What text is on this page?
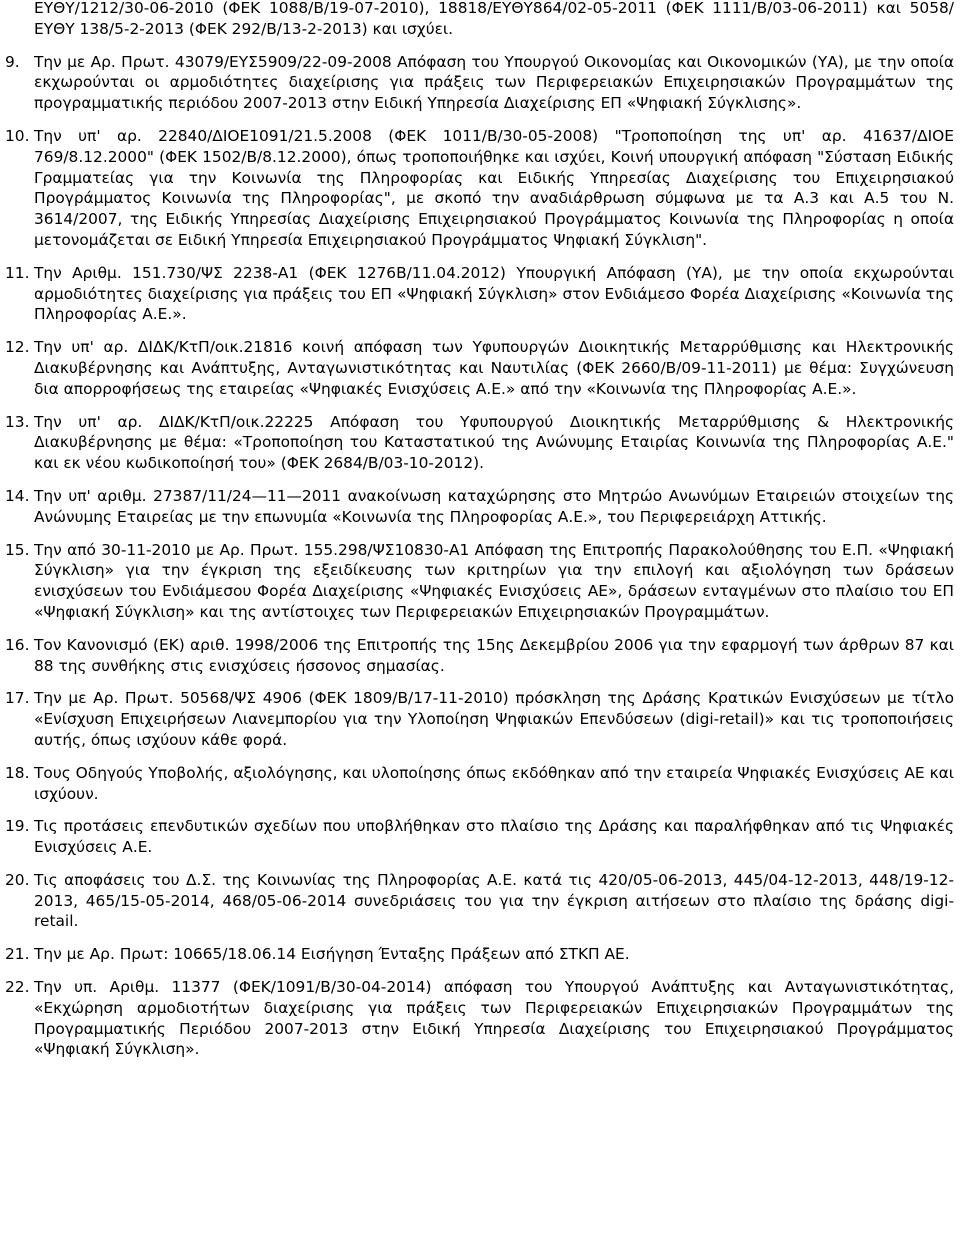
ΕΥΘΥ/1212/30-06-2010 (ΦΕΚ 1088/Β/19-07-2010), 18818/ΕΥΘΥ864/02-05-2011 (ΦΕΚ 1111/Β/03-06-2011) και 5058/ΕΥΘΥ 138/5-2-2013 (ΦΕΚ 292/Β/13-2-2013) και ισχύει.
9. Την με Αρ. Πρωτ. 43079/ΕΥΣ5909/22-09-2008 Απόφαση του Υπουργού Οικονομίας και Οικονομικών (ΥΑ), με την οποία εκχωρούνται οι αρμοδιότητες διαχείρισης για πράξεις των Περιφερειακών Επιχειρησιακών Προγραμμάτων της προγραμματικής περιόδου 2007-2013 στην Ειδική Υπηρεσία Διαχείρισης ΕΠ «Ψηφιακή Σύγκλισης».
10. Την υπ' αρ. 22840/ΔΙΟΕ1091/21.5.2008 (ΦΕΚ 1011/Β/30-05-2008) "Τροποποίηση της υπ' αρ. 41637/ΔΙΟΕ 769/8.12.2000" (ΦΕΚ 1502/Β/8.12.2000), όπως τροποποιήθηκε και ισχύει, Κοινή υπουργική απόφαση "Σύσταση Ειδικής Γραμματείας για την Κοινωνία της Πληροφορίας και Ειδικής Υπηρεσίας Διαχείρισης του Επιχειρησιακού Προγράμματος Κοινωνία της Πληροφορίας", με σκοπό την αναδιάρθρωση σύμφωνα με τα Α.3 και Α.5 του Ν. 3614/2007, της Ειδικής Υπηρεσίας Διαχείρισης Επιχειρησιακού Προγράμματος Κοινωνία της Πληροφορίας η οποία μετονομάζεται σε Ειδική Υπηρεσία Επιχειρησιακού Προγράμματος Ψηφιακή Σύγκλιση".
11. Την Αριθμ. 151.730/ΨΣ 2238-Α1 (ΦΕΚ 1276Β/11.04.2012) Υπουργική Απόφαση (ΥΑ), με την οποία εκχωρούνται αρμοδιότητες διαχείρισης για πράξεις του ΕΠ «Ψηφιακή Σύγκλιση» στον Ενδιάμεσο Φορέα Διαχείρισης «Κοινωνία της Πληροφορίας Α.Ε.».
12. Την υπ' αρ. ΔΙΔΚ/ΚτΠ/οικ.21816 κοινή απόφαση των Υφυπουργών Διοικητικής Μεταρρύθμισης και Ηλεκτρονικής Διακυβέρνησης και Ανάπτυξης, Ανταγωνιστικότητας και Ναυτιλίας (ΦΕΚ 2660/Β/09-11-2011) με θέμα: Συγχώνευση δια απορροφήσεως της εταιρείας «Ψηφιακές Ενισχύσεις Α.Ε.» από την «Κοινωνία της Πληροφορίας Α.Ε.».
13. Την υπ' αρ. ΔΙΔΚ/ΚτΠ/οικ.22225 Απόφαση του Υφυπουργού Διοικητικής Μεταρρύθμισης & Ηλεκτρονικής Διακυβέρνησης με θέμα: «Τροποποίηση του Καταστατικού της Ανώνυμης Εταιρίας Κοινωνία της Πληροφορίας Α.Ε." και εκ νέου κωδικοποίησή του» (ΦΕΚ 2684/Β/03-10-2012).
14. Την υπ' αριθμ. 27387/11/24—11—2011 ανακοίνωση καταχώρησης στο Μητρώο Ανωνύμων Εταιρειών στοιχείων της Ανώνυμης Εταιρείας με την επωνυμία «Κοινωνία της Πληροφορίας Α.Ε.», του Περιφερειάρχη Αττικής.
15. Την από 30-11-2010 με Αρ. Πρωτ. 155.298/ΨΣ10830-Α1 Απόφαση της Επιτροπής Παρακολούθησης του Ε.Π. «Ψηφιακή Σύγκλιση» για την έγκριση της εξειδίκευσης των κριτηρίων για την επιλογή και αξιολόγηση των δράσεων ενισχύσεων του Ενδιάμεσου Φορέα Διαχείρισης «Ψηφιακές Ενισχύσεις ΑΕ», δράσεων ενταγμένων στο πλαίσιο του ΕΠ «Ψηφιακή Σύγκλιση» και της αντίστοιχες των Περιφερειακών Επιχειρησιακών Προγραμμάτων.
16. Τον Κανονισμό (ΕΚ) αριθ. 1998/2006 της Επιτροπής της 15ης Δεκεμβρίου 2006 για την εφαρμογή των άρθρων 87 και 88 της συνθήκης στις ενισχύσεις ήσσονος σημασίας.
17. Την με Αρ. Πρωτ. 50568/ΨΣ 4906 (ΦΕΚ 1809/Β/17-11-2010) πρόσκληση της Δράσης Κρατικών Ενισχύσεων με τίτλο «Ενίσχυση Επιχειρήσεων Λιανεμπορίου για την Υλοποίηση Ψηφιακών Επενδύσεων (digi-retail)» και τις τροποποιήσεις αυτής, όπως ισχύουν κάθε φορά.
18. Τους Οδηγούς Υποβολής, αξιολόγησης, και υλοποίησης όπως εκδόθηκαν από την εταιρεία Ψηφιακές Ενισχύσεις ΑΕ και ισχύουν.
19. Τις προτάσεις επενδυτικών σχεδίων που υποβλήθηκαν στο πλαίσιο της Δράσης και παραλήφθηκαν από τις Ψηφιακές Ενισχύσεις Α.Ε.
20. Τις αποφάσεις του Δ.Σ. της Κοινωνίας της Πληροφορίας Α.Ε. κατά τις 420/05-06-2013, 445/04-12-2013, 448/19-12-2013, 465/15-05-2014, 468/05-06-2014 συνεδριάσεις του για την έγκριση αιτήσεων στο πλαίσιο της δράσης digi-retail.
21. Την με Αρ. Πρωτ: 10665/18.06.14 Εισήγηση Ένταξης Πράξεων από ΣΤΚΠ ΑΕ.
22. Την υπ. Αριθμ. 11377 (ΦΕΚ/1091/Β/30-04-2014) απόφαση του Υπουργού Ανάπτυξης και Ανταγωνιστικότητας, «Εκχώρηση αρμοδιοτήτων διαχείρισης για πράξεις των Περιφερειακών Επιχειρησιακών Προγραμμάτων της Προγραμματικής Περιόδου 2007-2013 στην Ειδική Υπηρεσία Διαχείρισης του Επιχειρησιακού Προγράμματος «Ψηφιακή Σύγκλιση».
